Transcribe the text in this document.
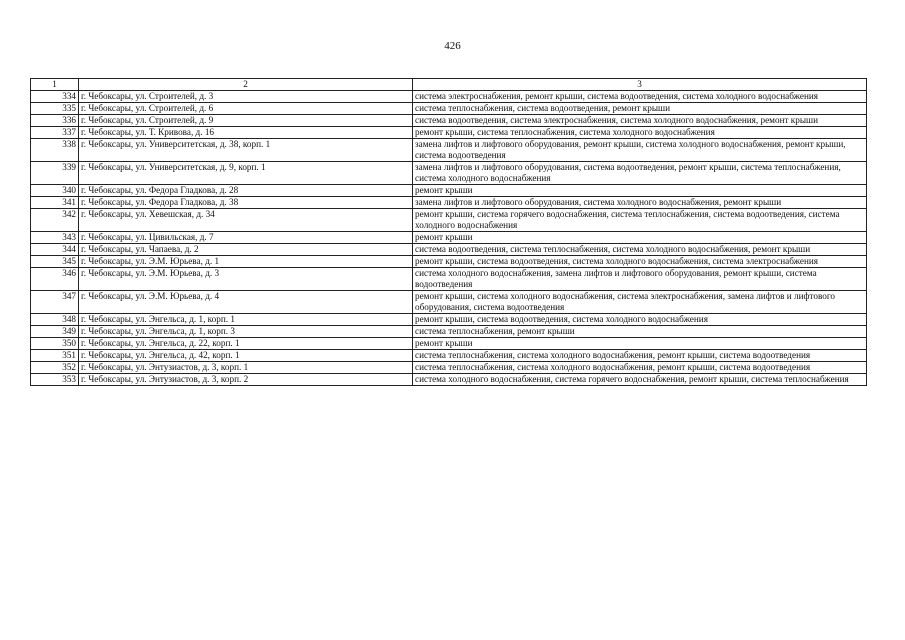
426
1	2	3
334	г. Чебоксары, ул. Строителей, д. 3	система электроснабжения, ремонт крыши, система водоотведения, система холодного водоснабжения
335	г. Чебоксары, ул. Строителей, д. 6	система теплоснабжения, система водоотведения, ремонт крыши
336	г. Чебоксары, ул. Строителей, д. 9	система водоотведения, система электроснабжения, система холодного водоснабжения, ремонт крыши
337	г. Чебоксары, ул. Т. Кривова, д. 16	ремонт крыши, система теплоснабжения, система холодного водоснабжения
338	г. Чебоксары, ул. Университетская, д. 38, корп. 1	замена лифтов и лифтового оборудования, ремонт крыши, система холодного водоснабжения, ремонт крыши, система водоотведения
339	г. Чебоксары, ул. Университетская, д. 9, корп. 1	замена лифтов и лифтового оборудования, система водоотведения, ремонт крыши, система теплоснабжения, система холодного водоснабжения
340	г. Чебоксары, ул. Федора Гладкова, д. 28	ремонт крыши
341	г. Чебоксары, ул. Федора Гладкова, д. 38	замена лифтов и лифтового оборудования, система холодного водоснабжения, ремонт крыши
342	г. Чебоксары, ул. Хевешская, д. 34	ремонт крыши, система горячего водоснабжения, система теплоснабжения, система водоотведения, система холодного водоснабжения
343	г. Чебоксары, ул. Цивильская, д. 7	ремонт крыши
344	г. Чебоксары, ул. Чапаева, д. 2	система водоотведения, система теплоснабжения, система холодного водоснабжения, ремонт крыши
345	г. Чебоксары, ул. Э.М. Юрьева, д. 1	ремонт крыши, система водоотведения, система холодного водоснабжения, система электроснабжения
346	г. Чебоксары, ул. Э.М. Юрьева, д. 3	система холодного водоснабжения, замена лифтов и лифтового оборудования, ремонт крыши, система водоотведения
347	г. Чебоксары, ул. Э.М. Юрьева, д. 4	ремонт крыши, система холодного водоснабжения, система электроснабжения, замена лифтов и лифтового оборудования, система водоотведения
348	г. Чебоксары, ул. Энгельса, д. 1, корп. 1	ремонт крыши, система водоотведения, система холодного водоснабжения
349	г. Чебоксары, ул. Энгельса, д. 1, корп. 3	система теплоснабжения, ремонт крыши
350	г. Чебоксары, ул. Энгельса, д. 22, корп. 1	ремонт крыши
351	г. Чебоксары, ул. Энгельса, д. 42, корп. 1	система теплоснабжения, система холодного водоснабжения, ремонт крыши, система водоотведения
352	г. Чебоксары, ул. Энтузиастов, д. 3, корп. 1	система теплоснабжения, система холодного водоснабжения, ремонт крыши, система водоотведения
353	г. Чебоксары, ул. Энтузиастов, д. 3, корп. 2	система холодного водоснабжения, система горячего водоснабжения, ремонт крыши, система теплоснабжения
